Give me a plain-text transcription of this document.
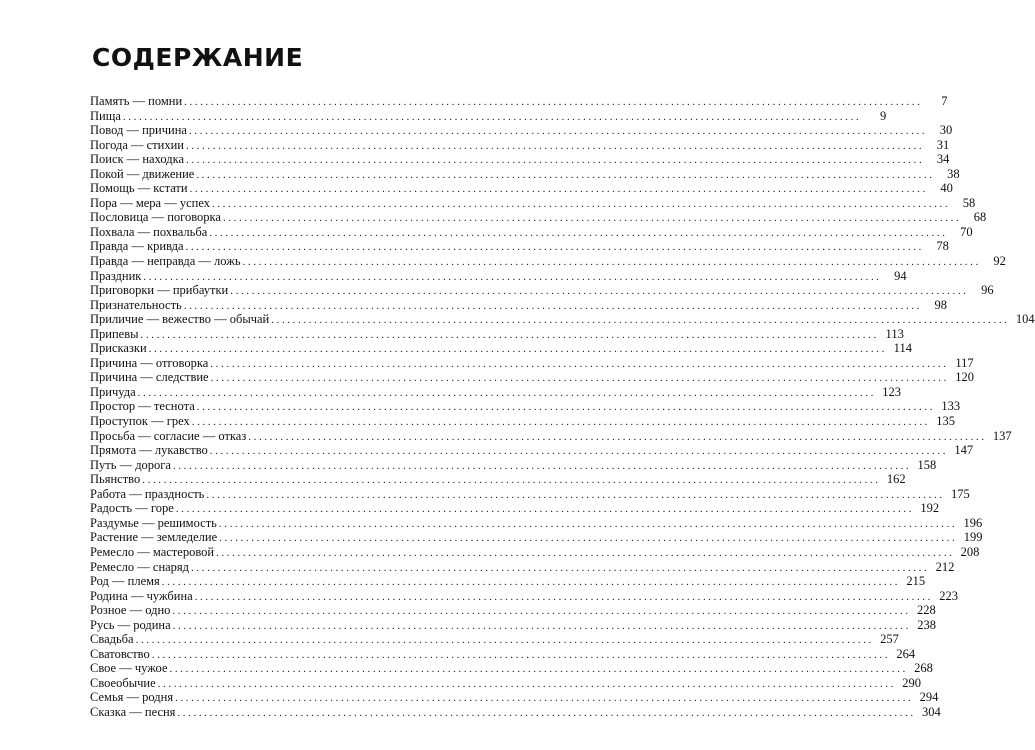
СОДЕРЖАНИЕ
Память — помни ..........................................................................................................................................	7
Пища ..........................................................................................................................................	9
Повод — причина ..........................................................................................................................................	30
Погода — стихии ..........................................................................................................................................	31
Поиск — находка ..........................................................................................................................................	34
Покой — движение ..........................................................................................................................................	38
Помощь — кстати ..........................................................................................................................................	40
Пора — мера — успех ..........................................................................................................................................	58
Пословица — поговорка ..........................................................................................................................................	68
Похвала — похвальба ..........................................................................................................................................	70
Правда — кривда ..........................................................................................................................................	78
Правда — неправда — ложь ..........................................................................................................................................	92
Праздник ..........................................................................................................................................	94
Приговорки — прибаутки ..........................................................................................................................................	96
Признательность ..........................................................................................................................................	98
Приличие — вежество — обычай .......................................................................................................................................... 104
Припевы .......................................................................................................................................... 113
Присказки .......................................................................................................................................... 114
Причина — отговорка .......................................................................................................................................... 117
Причина — следствие .......................................................................................................................................... 120
Причуда .......................................................................................................................................... 123
Простор — теснота .......................................................................................................................................... 133
Проступок — грех .......................................................................................................................................... 135
Просьба — согласие — отказ .......................................................................................................................................... 137
Прямота — лукавство .......................................................................................................................................... 147
Путь — дорога .......................................................................................................................................... 158
Пьянство .......................................................................................................................................... 162
Работа — праздность .......................................................................................................................................... 175
Радость — горе .......................................................................................................................................... 192
Раздумье — решимость .......................................................................................................................................... 196
Растение — земледелие .......................................................................................................................................... 199
Ремесло — мастеровой .......................................................................................................................................... 208
Ремесло — снаряд .......................................................................................................................................... 212
Род — племя .......................................................................................................................................... 215
Родина — чужбина .......................................................................................................................................... 223
Розное — одно .......................................................................................................................................... 228
Русь — родина .......................................................................................................................................... 238
Свадьба .......................................................................................................................................... 257
Сватовство .......................................................................................................................................... 264
Свое — чужое .......................................................................................................................................... 268
Своеобычие .......................................................................................................................................... 290
Семья — родня .......................................................................................................................................... 294
Сказка — песня .......................................................................................................................................... 304
